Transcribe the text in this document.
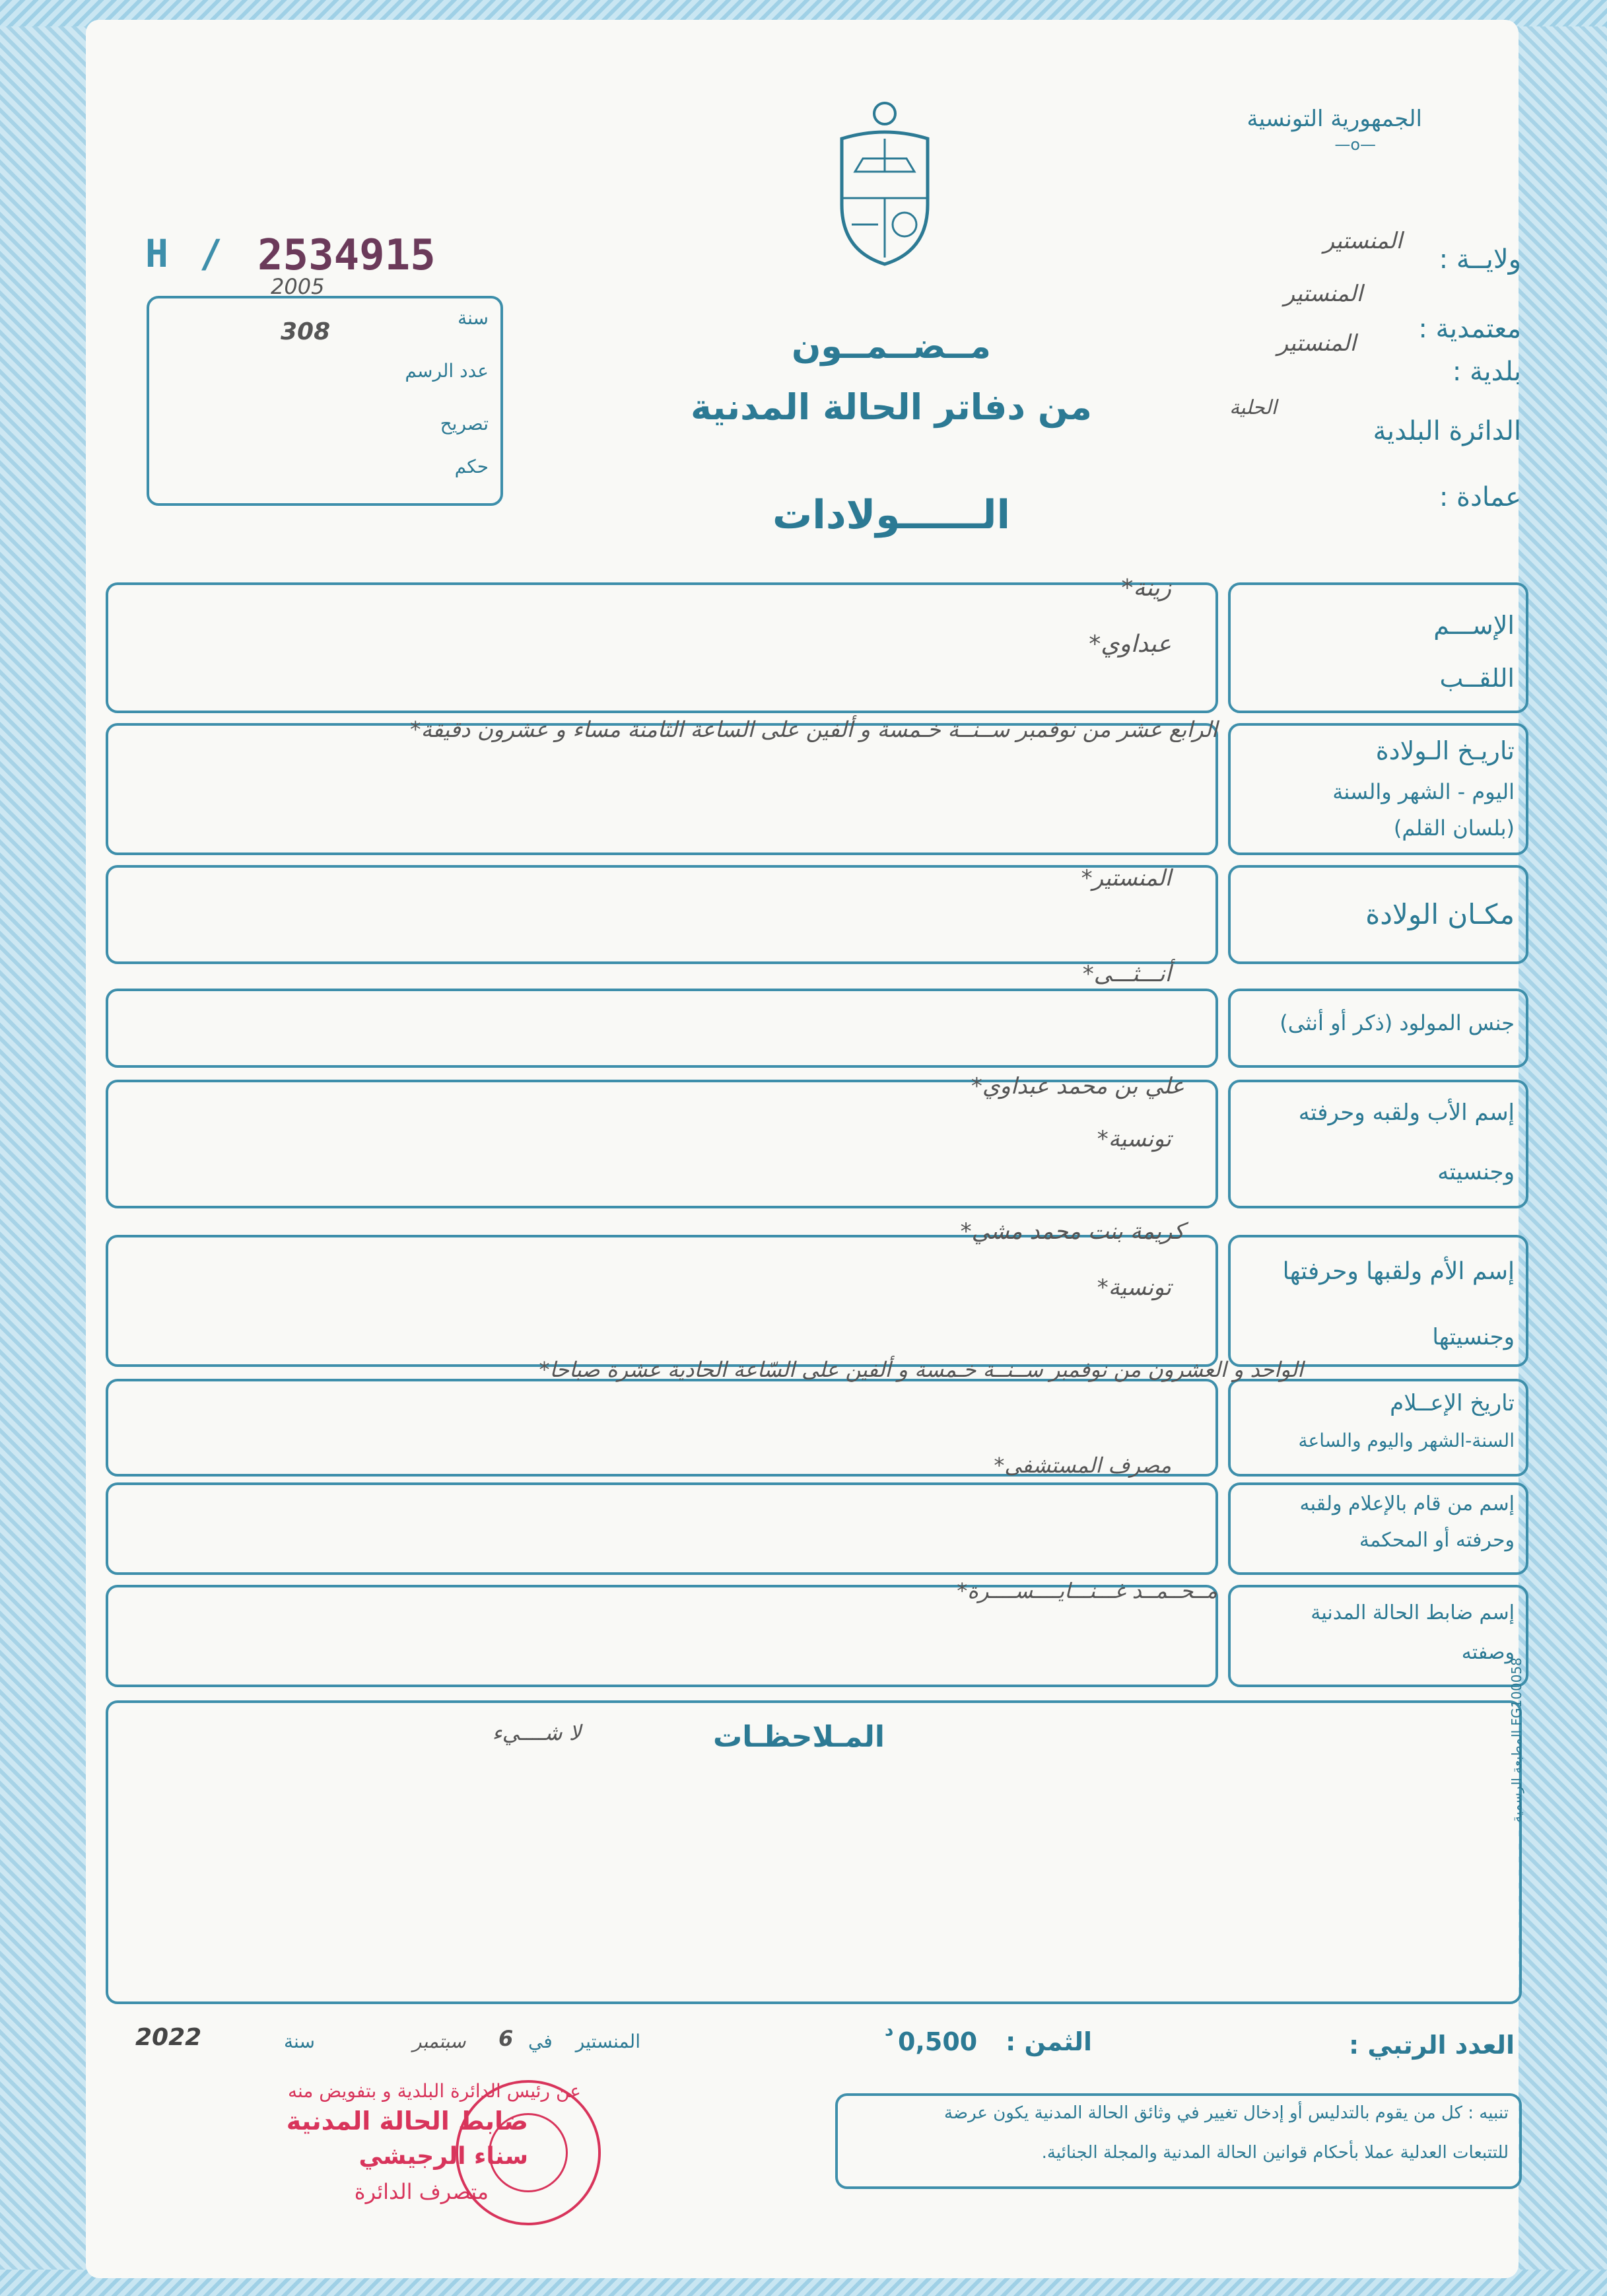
الجمهورية التونسية
—o—
ولايــة :
المنستير
معتمدية :
المنستير
بلدية :
المنستير
الدائرة البلدية
الحلية
عمادة :
H / 2534915
سنة
2005
308
عدد الرسم
تصريح
حكم
مــضــمــون
من دفاتر الحالة المدنية
الــــــولادات
الإســـم
اللقــب
زينة*
عبداوي*
تاريـخ الـولادة
اليوم - الشهر والسنة
(بلسان القلم)
الرابع عشر من نوفمبر ســنــة خـمسة و ألفين على الساعة الثامنة مساء و عشرون دقيقة*
مكـان الولادة
المنستير*
أنـــثـــى*
جنس المولود (ذكر أو أنثى)
إسم الأب ولقبه وحرفته
وجنسيته
علي بن محمد عبداوي*
تونسية*
إسم الأم ولقبها وحرفتها
وجنسيتها
كريمة بنت محمد مشي*
تونسية*
تاريخ الإعــلام
السنة-الشهر واليوم والساعة
الواحد و العشرون من نوفمبر ســنــة خـمسة و ألفين على السّاعة الحادية عشرة صباحا*
مصرف المستشفى*
إسم من قام بالإعلام ولقبه
وحرفته أو المحكمة
إسم ضابط الحالة المدنية
وصفته
مــحــمــد غـــنـــايــــســــرة*
المـلاحظـات
لا شــــيء	المطبعة الرسمية FG100058
العدد الرتبي :
الثمن :
0,500
د
المنستير
في
6
سبتمبر
سنة
2022
تنبيه : كل من يقوم بالتدليس أو إدخال تغيير في وثائق الحالة المدنية يكون عرضة
للتتبعات العدلية عملا بأحكام قوانين الحالة المدنية والمجلة الجنائية.
عن رئيس الدائرة البلدية و بتفويض منه
ضابط الحالة المدنية
سناء الرجيشي
متصرف الدائرة
